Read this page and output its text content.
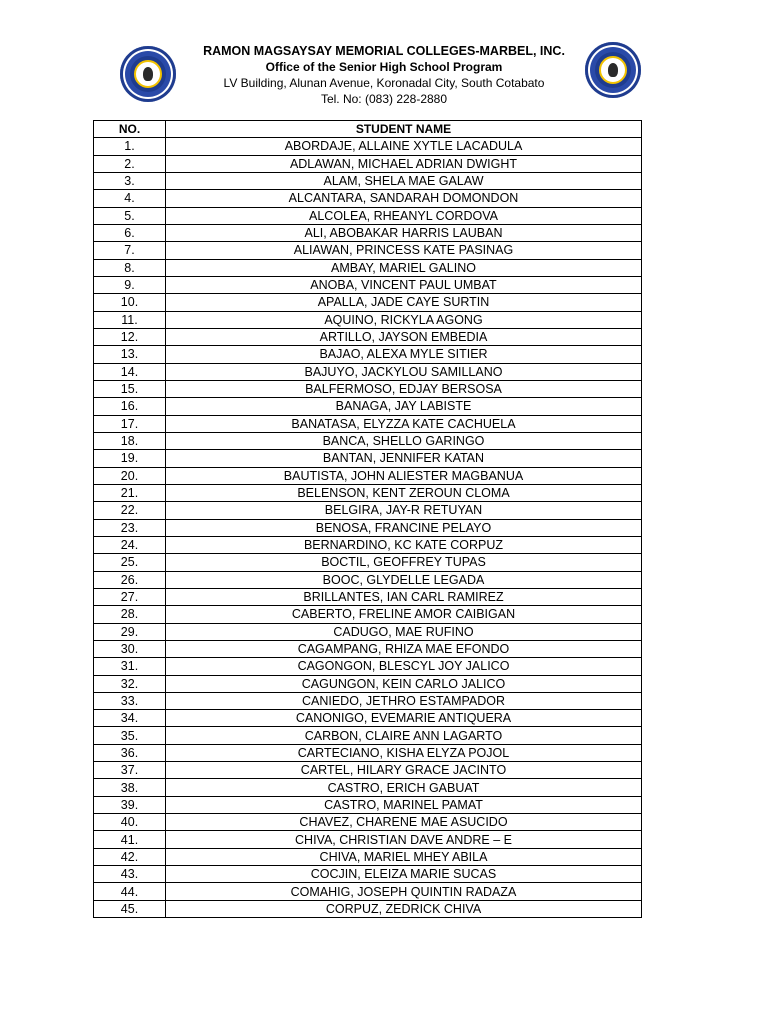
RAMON MAGSAYSAY MEMORIAL COLLEGES-MARBEL, INC.
Office of the Senior High School Program
LV Building, Alunan Avenue, Koronadal City, South Cotabato
Tel. No: (083) 228-2880
NO.	STUDENT NAME
1.	ABORDAJE, ALLAINE XYTLE LACADULA
2.	ADLAWAN, MICHAEL ADRIAN DWIGHT
3.	ALAM, SHELA MAE GALAW
4.	ALCANTARA, SANDARAH DOMONDON
5.	ALCOLEA, RHEANYL CORDOVA
6.	ALI, ABOBAKAR HARRIS LAUBAN
7.	ALIAWAN, PRINCESS KATE PASINAG
8.	AMBAY, MARIEL GALINO
9.	ANOBA, VINCENT PAUL UMBAT
10.	APALLA, JADE CAYE SURTIN
11.	AQUINO, RICKYLA AGONG
12.	ARTILLO, JAYSON EMBEDIA
13.	BAJAO, ALEXA MYLE SITIER
14.	BAJUYO, JACKYLOU SAMILLANO
15.	BALFERMOSO, EDJAY BERSOSA
16.	BANAGA, JAY LABISTE
17.	BANATASA, ELYZZA KATE CACHUELA
18.	BANCA, SHELLO GARINGO
19.	BANTAN, JENNIFER KATAN
20.	BAUTISTA, JOHN ALIESTER MAGBANUA
21.	BELENSON, KENT ZEROUN CLOMA
22.	BELGIRA, JAY-R RETUYAN
23.	BENOSA, FRANCINE PELAYO
24.	BERNARDINO, KC KATE CORPUZ
25.	BOCTIL, GEOFFREY TUPAS
26.	BOOC, GLYDELLE LEGADA
27.	BRILLANTES, IAN CARL RAMIREZ
28.	CABERTO, FRELINE AMOR CAIBIGAN
29.	CADUGO, MAE RUFINO
30.	CAGAMPANG, RHIZA MAE EFONDO
31.	CAGONGON, BLESCYL JOY JALICO
32.	CAGUNGON, KEIN CARLO JALICO
33.	CANIEDO, JETHRO ESTAMPADOR
34.	CANONIGO, EVEMARIE ANTIQUERA
35.	CARBON, CLAIRE ANN LAGARTO
36.	CARTECIANO, KISHA ELYZA POJOL
37.	CARTEL, HILARY GRACE JACINTO
38.	CASTRO, ERICH GABUAT
39.	CASTRO, MARINEL PAMAT
40.	CHAVEZ, CHARENE MAE ASUCIDO
41.	CHIVA, CHRISTIAN DAVE ANDRE – E
42.	CHIVA, MARIEL MHEY ABILA
43.	COCJIN, ELEIZA MARIE SUCAS
44.	COMAHIG, JOSEPH QUINTIN RADAZA
45.	CORPUZ, ZEDRICK CHIVA
